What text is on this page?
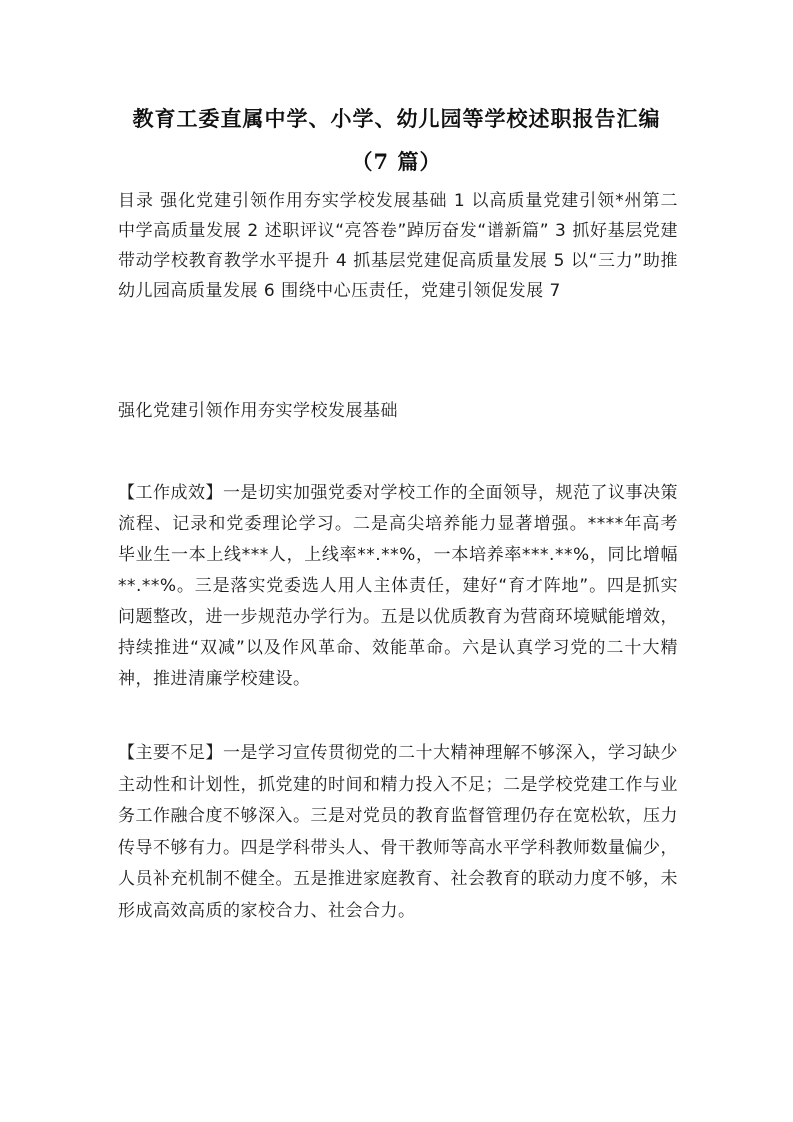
教育工委直属中学、小学、幼儿园等学校述职报告汇编
（7 篇）

目录 强化党建引领作用夯实学校发展基础 1 以高质量党建引领*州第二中学高质量发展 2 述职评议“亮答卷”踔厉奋发“谱新篇” 3 抓好基层党建带动学校教育教学水平提升 4 抓基层党建促高质量发展 5 以“三力”助推幼儿园高质量发展 6 围绕中心压责任，党建引领促发展 7

强化党建引领作用夯实学校发展基础

【工作成效】一是切实加强党委对学校工作的全面领导，规范了议事决策流程、记录和党委理论学习。二是高尖培养能力显著增强。****年高考毕业生一本上线***人，上线率**.**%，一本培养率***.**%，同比增幅**.**%。三是落实党委选人用人主体责任，建好“育才阵地”。四是抓实问题整改，进一步规范办学行为。五是以优质教育为营商环境赋能增效，持续推进“双减”以及作风革命、效能革命。六是认真学习党的二十大精神，推进清廉学校建设。

【主要不足】一是学习宣传贯彻党的二十大精神理解不够深入，学习缺少主动性和计划性，抓党建的时间和精力投入不足；二是学校党建工作与业务工作融合度不够深入。三是对党员的教育监督管理仍存在宽松软，压力传导不够有力。四是学科带头人、骨干教师等高水平学科教师数量偏少，人员补充机制不健全。五是推进家庭教育、社会教育的联动力度不够，未形成高效高质的家校合力、社会合力。
